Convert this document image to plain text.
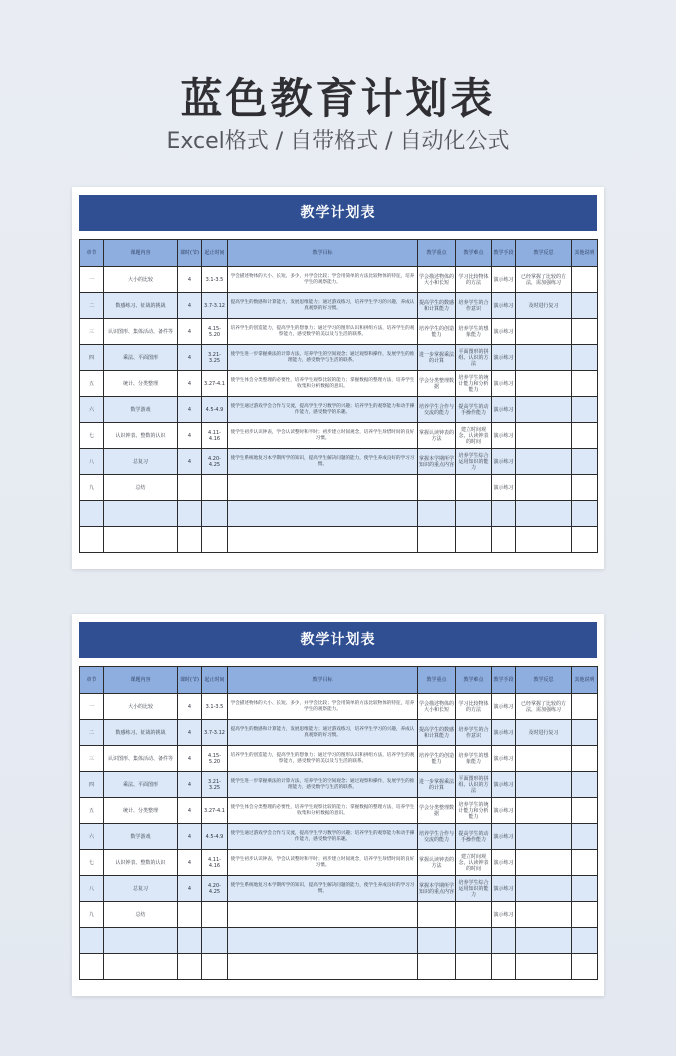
蓝色教育计划表
Excel格式 / 自带格式 / 自动化公式
教学计划表
章节	课题内容	课时(节)	起止时间	教学目标	教学重点	教学难点	教学手段	教学反思	其他说明
一	大小的比较	4	3.1-3.5	学会描述物体的大小、长短、多少，并学会比较；学会用简单的方法比较物体的特征，培养学生的观察能力。	学会描述物体的大小和长短	学习比较物体的方法	演示练习	已经掌握了比较的方法，需加强练习	
二	数感练习、征战的挑战	4	3.7-3.12	提高学生的数感和计算能力，发展思维能力；通过游戏练习，培养学生学习的兴趣，养成认真观察的好习惯。	提高学生的数感和计算能力	培养学生的合作意识	演示练习	及时进行复习	
三	认识图形、集体活动、备件等	4	4.15-5.20	培养学生的创造能力，提高学生的想象力；通过学习的图形认识和拼组方法，培养学生的观察能力，感受数学的美以及与生活的联系。	培养学生的创造能力	培养学生的想象能力	演示练习		
四	乘法、平面图形	4	3.21-3.25	使学生进一步掌握乘法的计算方法，培养学生的空间观念；通过观察和操作，发展学生的推理能力，感受数学与生活的联系。	进一步掌握乘法的计算	平面图形的拼组、认识的方法	演示练习		
五	统计、分类整理	4	3.27-4.1	使学生体会分类整理的必要性，培养学生观察比较的能力；掌握数据的整理方法，培养学生收集和分析数据的意识。	学会分类整理数据	培养学生的统计能力和分析能力	演示练习		
六	数学游戏	4	4.5-4.9	使学生通过游戏学会合作与交流，提高学生学习数学的兴趣；培养学生的观察能力和动手操作能力，感受数学的乐趣。	培养学生合作与交流的能力	提高学生的动手操作能力	演示练习		
七	认识钟表、整数的认识	4	4.11-4.16	使学生初步认识钟表，学会认读整时和半时；初步建立时间观念，培养学生珍惜时间的良好习惯。	掌握认读钟表的方法	建立时间观念，认读钟表的时间	演示练习		
八	总复习	4	4.20-4.25	使学生系统地复习本学期所学的知识，提高学生解决问题的能力，使学生养成良好的学习习惯。	掌握本学期所学知识的重点内容	培养学生综合运用知识的能力	演示练习		
九	总结						演示练习		

教学计划表
章节	课题内容	课时(节)	起止时间	教学目标	教学重点	教学难点	教学手段	教学反思	其他说明
一	大小的比较	4	3.1-3.5	学会描述物体的大小、长短、多少，并学会比较；学会用简单的方法比较物体的特征，培养学生的观察能力。	学会描述物体的大小和长短	学习比较物体的方法	演示练习	已经掌握了比较的方法，需加强练习	
二	数感练习、征战的挑战	4	3.7-3.12	提高学生的数感和计算能力，发展思维能力；通过游戏练习，培养学生学习的兴趣，养成认真观察的好习惯。	提高学生的数感和计算能力	培养学生的合作意识	演示练习	及时进行复习	
三	认识图形、集体活动、备件等	4	4.15-5.20	培养学生的创造能力，提高学生的想象力；通过学习的图形认识和拼组方法，培养学生的观察能力，感受数学的美以及与生活的联系。	培养学生的创造能力	培养学生的想象能力	演示练习		
四	乘法、平面图形	4	3.21-3.25	使学生进一步掌握乘法的计算方法，培养学生的空间观念；通过观察和操作，发展学生的推理能力，感受数学与生活的联系。	进一步掌握乘法的计算	平面图形的拼组、认识的方法	演示练习		
五	统计、分类整理	4	3.27-4.1	使学生体会分类整理的必要性，培养学生观察比较的能力；掌握数据的整理方法，培养学生收集和分析数据的意识。	学会分类整理数据	培养学生的统计能力和分析能力	演示练习		
六	数学游戏	4	4.5-4.9	使学生通过游戏学会合作与交流，提高学生学习数学的兴趣；培养学生的观察能力和动手操作能力，感受数学的乐趣。	培养学生合作与交流的能力	提高学生的动手操作能力	演示练习		
七	认识钟表、整数的认识	4	4.11-4.16	使学生初步认识钟表，学会认读整时和半时；初步建立时间观念，培养学生珍惜时间的良好习惯。	掌握认读钟表的方法	建立时间观念，认读钟表的时间	演示练习		
八	总复习	4	4.20-4.25	使学生系统地复习本学期所学的知识，提高学生解决问题的能力，使学生养成良好的学习习惯。	掌握本学期所学知识的重点内容	培养学生综合运用知识的能力	演示练习		
九	总结						演示练习		
